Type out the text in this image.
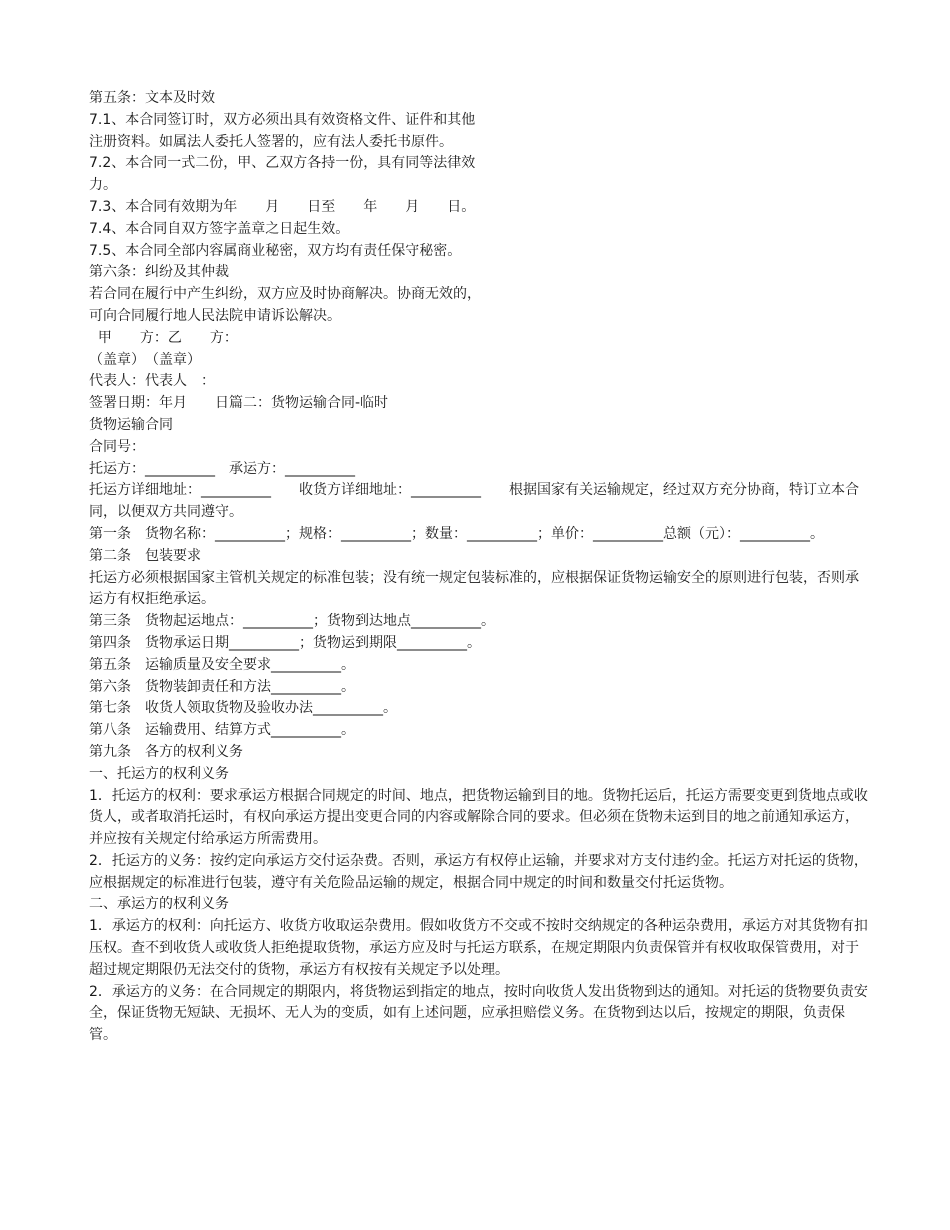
第五条：文本及时效
7.1、本合同签订时，双方必须出具有效资格文件、证件和其他
注册资料。如属法人委托人签署的，应有法人委托书原件。
7.2、本合同一式二份，甲、乙双方各持一份，具有同等法律效
力。
7.3、本合同有效期为年　　月　　日至　　年　　月　　日。
7.4、本合同自双方签字盖章之日起生效。
7.5、本合同全部内容属商业秘密，双方均有责任保守秘密。
第六条：纠纷及其仲裁
若合同在履行中产生纠纷，双方应及时协商解决。协商无效的，
可向合同履行地人民法院申请诉讼解决。
甲　　方：乙　　方：
（盖章）　（盖章）
代表人：代表人　：
签署日期：年月　　日篇二：货物运输合同-临时
货物运输合同
合同号：
托运方：__________　承运方：__________
托运方详细地址：__________　　收货方详细地址：__________　　根据国家有关运输规定，经过双方充分协商，特订立本合同，以便双方共同遵守。
第一条　货物名称：__________；规格：__________；数量：__________；单价：__________总额（元）：__________。
第二条　包装要求
托运方必须根据国家主管机关规定的标准包装；没有统一规定包装标准的，应根据保证货物运输安全的原则进行包装，否则承运方有权拒绝承运。
第三条　货物起运地点：__________；货物到达地点__________。
第四条　货物承运日期__________；货物运到期限__________。
第五条　运输质量及安全要求__________。
第六条　货物装卸责任和方法__________。
第七条　收货人领取货物及验收办法__________。
第八条　运输费用、结算方式__________。
第九条　各方的权利义务
一、托运方的权利义务
1．托运方的权利：要求承运方根据合同规定的时间、地点，把货物运输到目的地。货物托运后，托运方需要变更到货地点或收货人，或者取消托运时，有权向承运方提出变更合同的内容或解除合同的要求。但必须在货物未运到目的地之前通知承运方，并应按有关规定付给承运方所需费用。
2．托运方的义务：按约定向承运方交付运杂费。否则，承运方有权停止运输，并要求对方支付违约金。托运方对托运的货物，应根据规定的标准进行包装，遵守有关危险品运输的规定，根据合同中规定的时间和数量交付托运货物。
二、承运方的权利义务
1．承运方的权利：向托运方、收货方收取运杂费用。假如收货方不交或不按时交纳规定的各种运杂费用，承运方对其货物有扣压权。查不到收货人或收货人拒绝提取货物，承运方应及时与托运方联系，在规定期限内负责保管并有权收取保管费用，对于超过规定期限仍无法交付的货物，承运方有权按有关规定予以处理。
2．承运方的义务：在合同规定的期限内，将货物运到指定的地点，按时向收货人发出货物到达的通知。对托运的货物要负责安全，保证货物无短缺、无损坏、无人为的变质，如有上述问题，应承担赔偿义务。在货物到达以后，按规定的期限，负责保管。
